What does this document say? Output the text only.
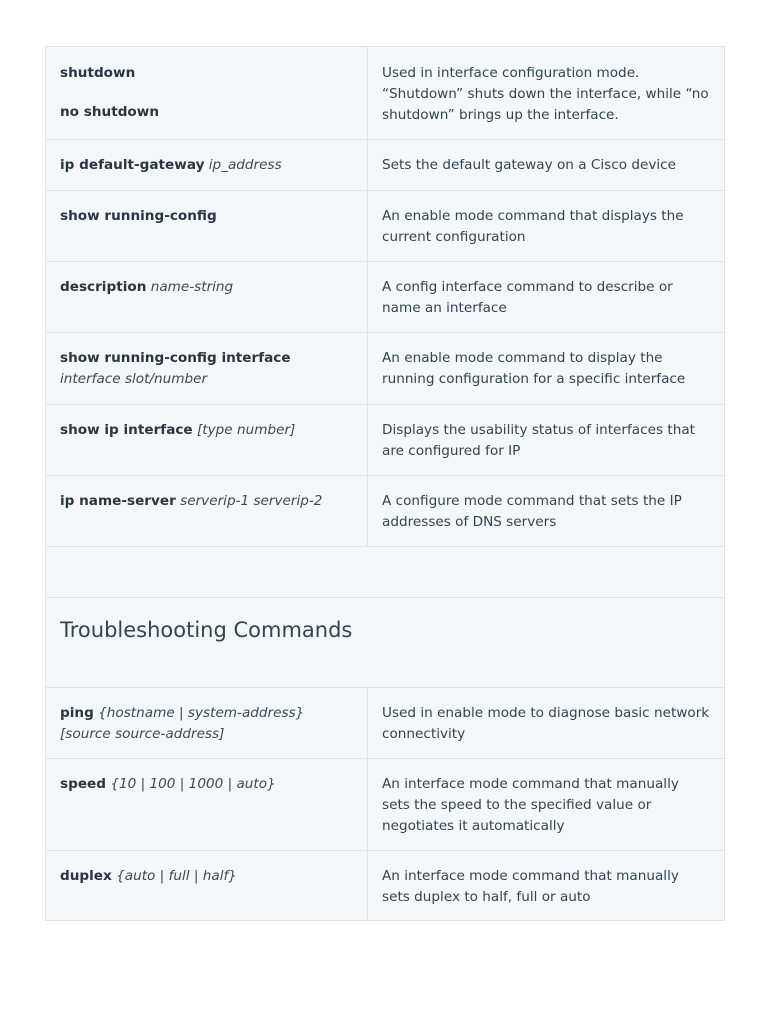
shutdown
no shutdown	Used in interface configuration mode. “Shutdown” shuts down the interface, while “no shutdown” brings up the interface.
ip default-gateway ip_address	Sets the default gateway on a Cisco device
show running-config	An enable mode command that displays the current configuration
description name-string	A config interface command to describe or name an interface
show running-config interface interface slot/number	An enable mode command to display the running configuration for a specific interface
show ip interface [type number]	Displays the usability status of interfaces that are configured for IP
ip name-server serverip-1 serverip-2	A configure mode command that sets the IP addresses of DNS servers

Troubleshooting Commands	

ping {hostname | system-address} [source source-address]	Used in enable mode to diagnose basic network connectivity
speed {10 | 100 | 1000 | auto}	An interface mode command that manually sets the speed to the specified value or negotiates it automatically
duplex {auto | full | half}	An interface mode command that manually sets duplex to half, full or auto
